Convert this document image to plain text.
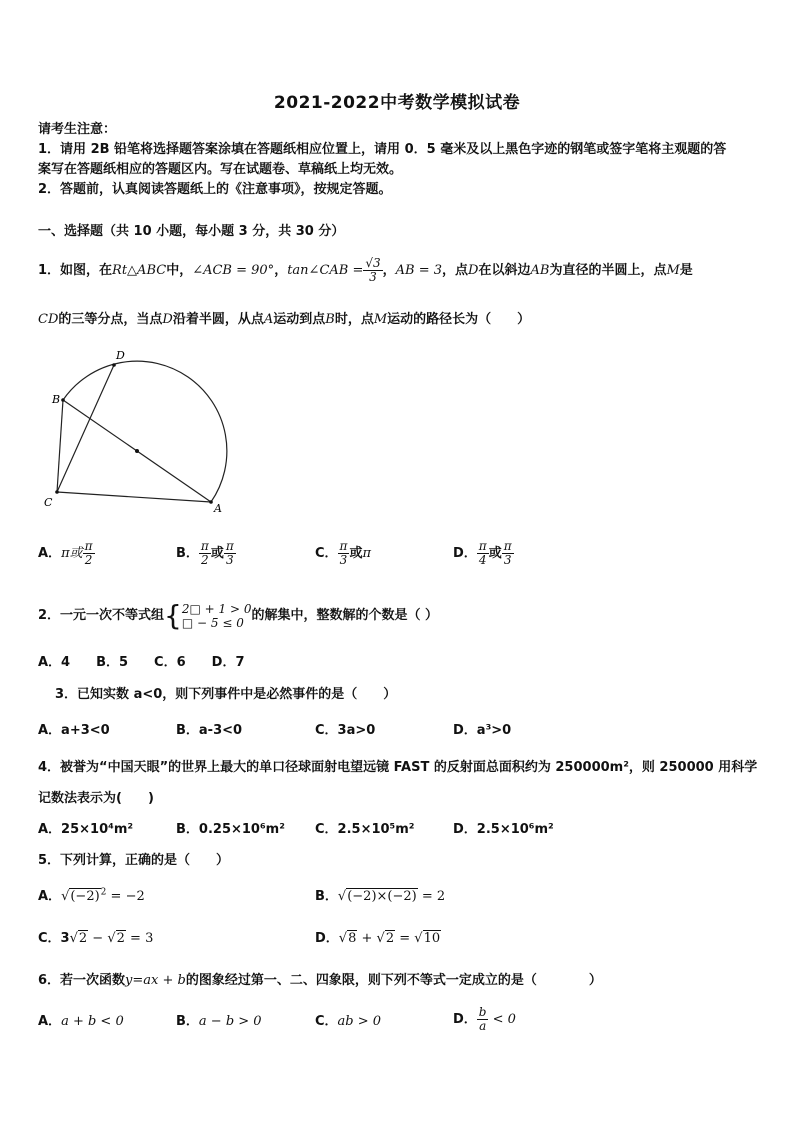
2021-2022中考数学模拟试卷
请考生注意：
1．请用 2B 铅笔将选择题答案涂填在答题纸相应位置上，请用 0．5 毫米及以上黑色字迹的钢笔或签字笔将主观题的答
案写在答题纸相应的答题区内。写在试题卷、草稿纸上均无效。
2．答题前，认真阅读答题纸上的《注意事项》，按规定答题。
一、选择题（共 10 小题，每小题 3 分，共 30 分）
1．如图，在Rt△ABC中，∠ACB = 90°，tan∠CAB = $\frac{√3}{3}$ ，AB = 3，点D在以斜边AB为直径的半圆上，点M是
CD的三等分点，当点D沿着半圆，从点A运动到点B时，点M运动的路径长为（　　）
D
B
C	A
A．π或 $\frac{\pi}{2}$	B． $\frac{\pi}{2}$ 或 $\frac{\pi}{3}$	C． $\frac{\pi}{3}$ 或π	D． $\frac{\pi}{4}$ 或 $\frac{\pi}{3}$
2．一元一次不等式组{ 2□ + 1 > 0
□ − 5 ≤ 0 的解集中，整数解的个数是（ ）
A．4　　B．5　　C．6　　D．7
3．已知实数 a<0，则下列事件中是必然事件的是（　　）
A．a+3<0	B．a-3<0	C．3a>0	D．a³>0
4．被誉为“中国天眼”的世界上最大的单口径球面射电望远镜 FAST 的反射面总面积约为 250000m²，则 250000 用科学
记数法表示为(　　)
A．25×10⁴m²	B．0.25×10⁶m² C．2.5×10⁵m²	D．2.5×10⁶m²
5．下列计算，正确的是（　　）
A．$√(-2)^2 = -2$	B．√(−2)×(−2) = 2
C．3√2 − √2 = 3	D．√8 + √2 = √10
6．若一次函数y=ax + b的图象经过第一、二、四象限，则下列不等式一定成立的是（　　　　）
A．a + b < 0	B．a − b > 0	C．ab > 0	D． $\frac{b}{a} < 0$
